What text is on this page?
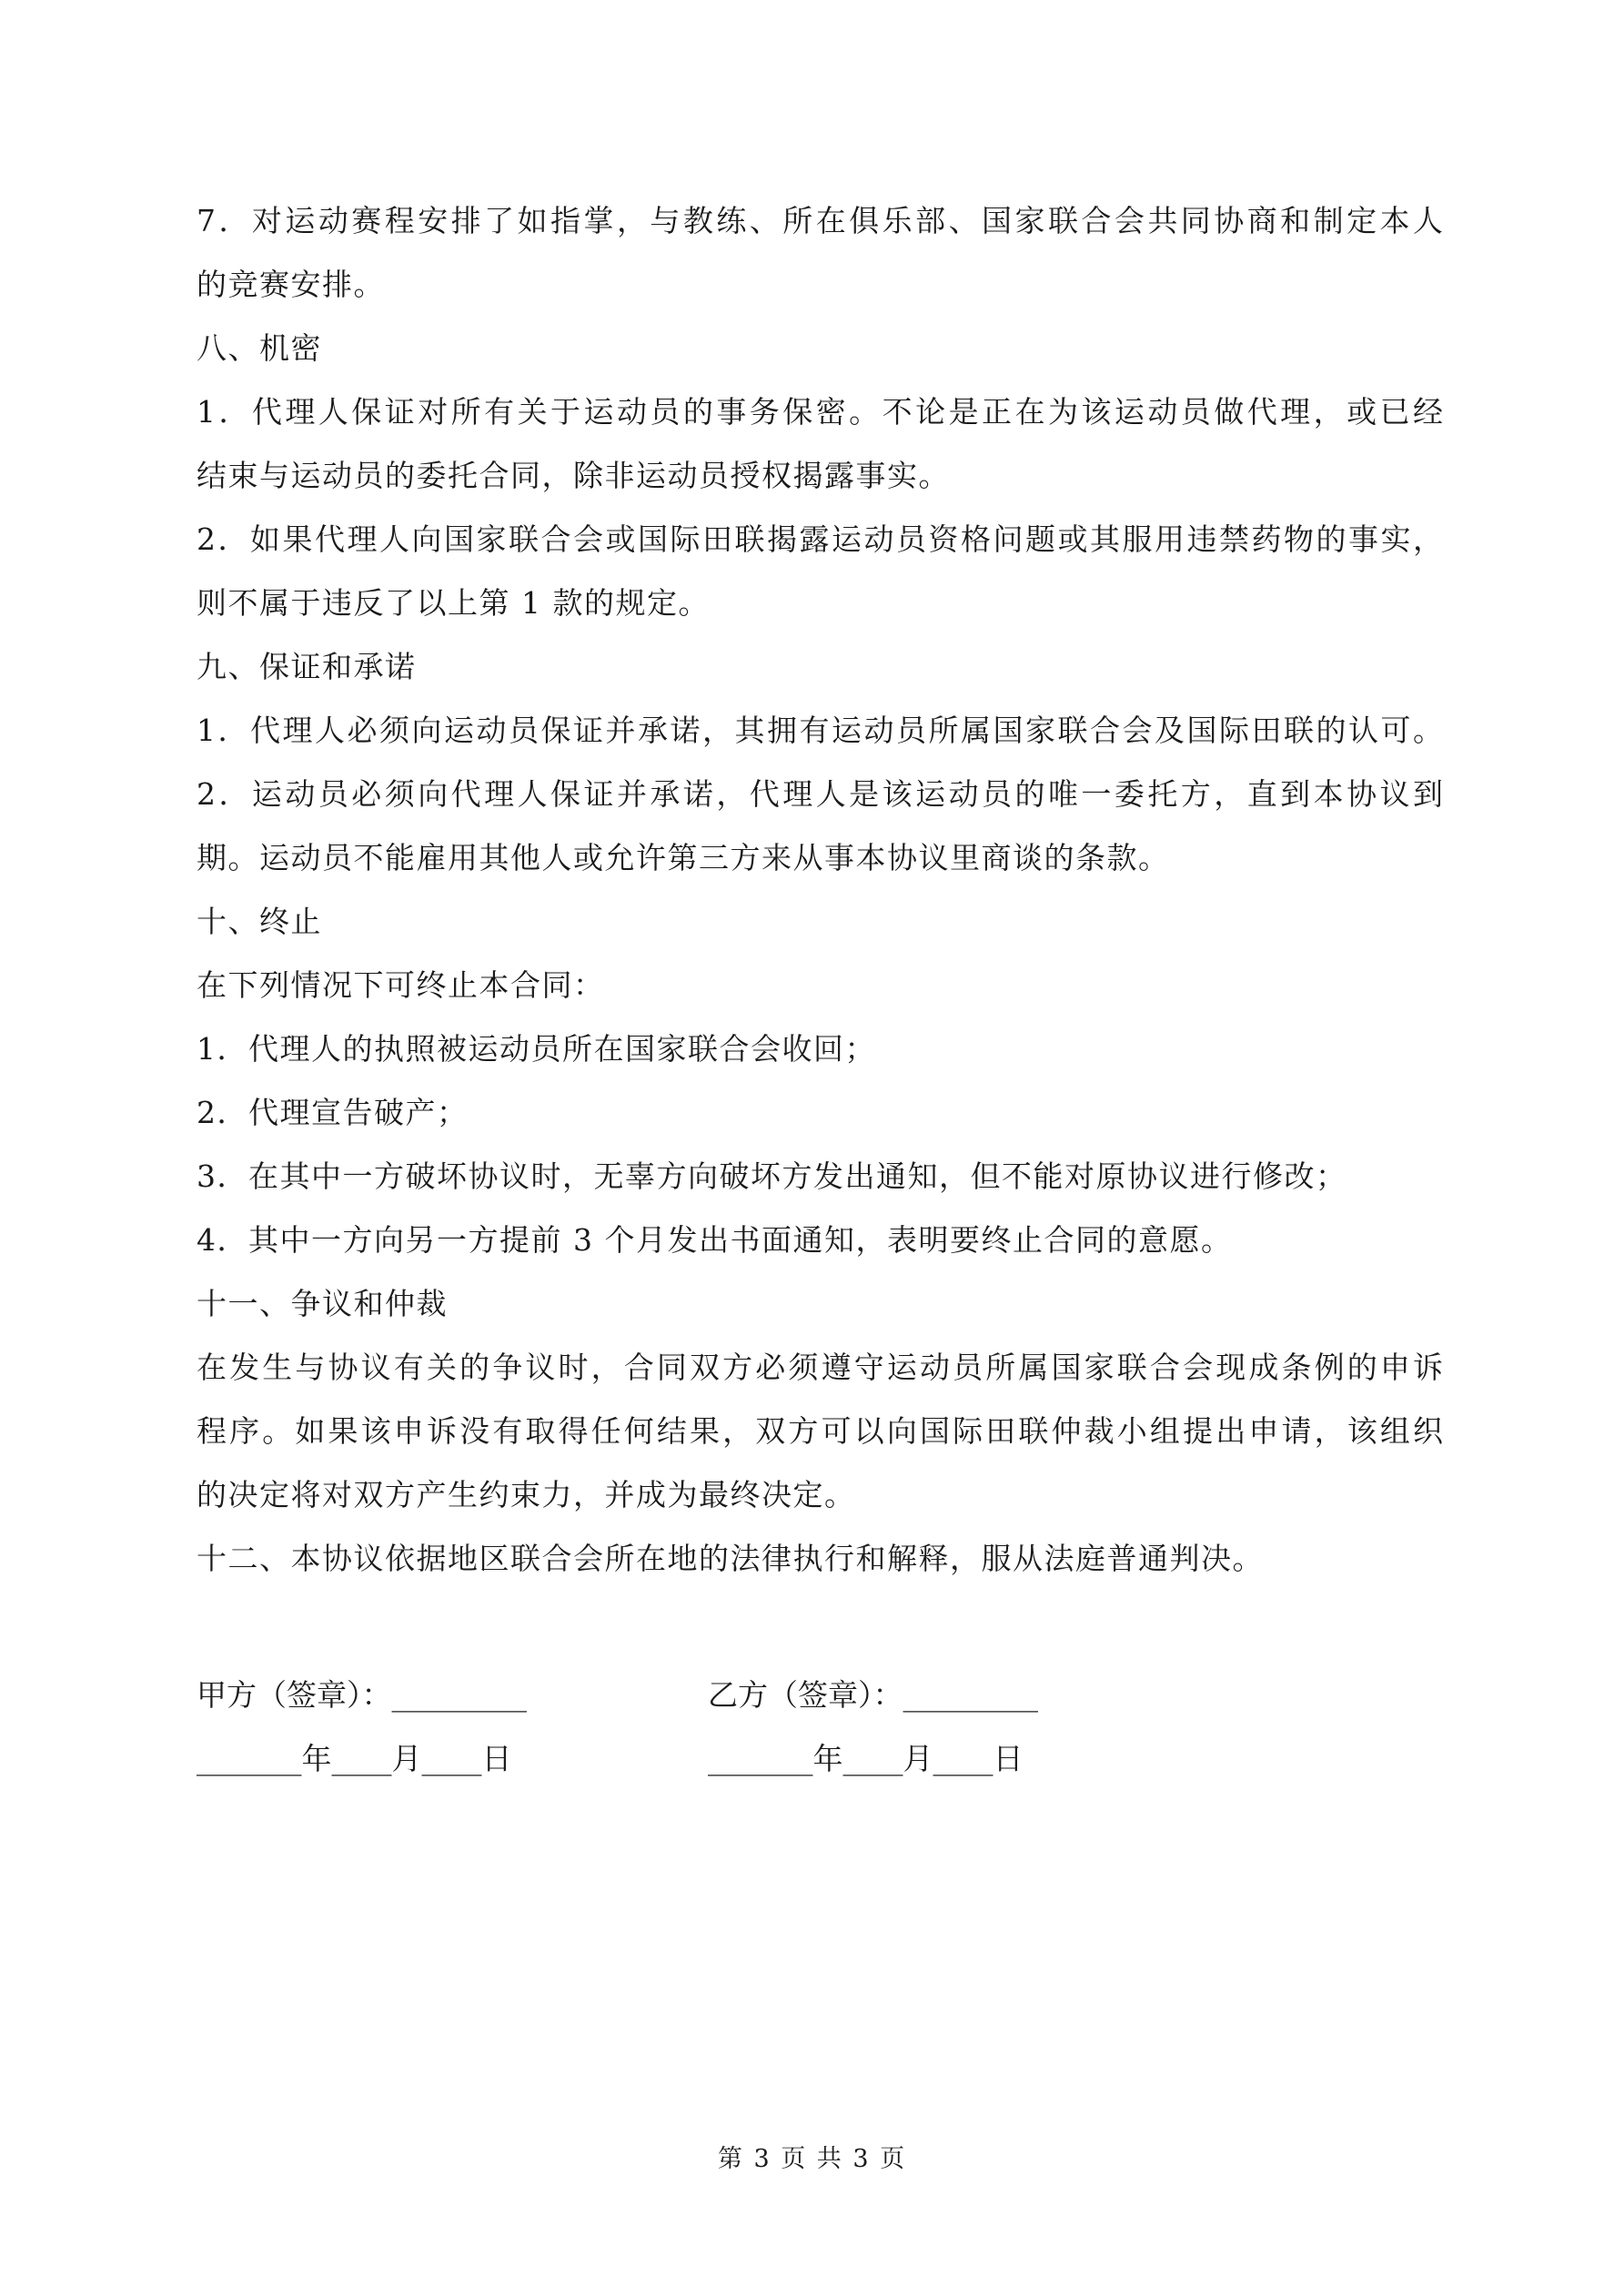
7．对运动赛程安排了如指掌，与教练、所在俱乐部、国家联合会共同协商和制定本人
的竞赛安排。
八、机密
1．代理人保证对所有关于运动员的事务保密。不论是正在为该运动员做代理，或已经
结束与运动员的委托合同，除非运动员授权揭露事实。
2．如果代理人向国家联合会或国际田联揭露运动员资格问题或其服用违禁药物的事实，
则不属于违反了以上第 1 款的规定。
九、保证和承诺
1．代理人必须向运动员保证并承诺，其拥有运动员所属国家联合会及国际田联的认可。
2．运动员必须向代理人保证并承诺，代理人是该运动员的唯一委托方，直到本协议到
期。运动员不能雇用其他人或允许第三方来从事本协议里商谈的条款。
十、终止
在下列情况下可终止本合同：
1．代理人的执照被运动员所在国家联合会收回；
2．代理宣告破产；
3．在其中一方破坏协议时，无辜方向破坏方发出通知，但不能对原协议进行修改；
4．其中一方向另一方提前 3 个月发出书面通知，表明要终止合同的意愿。
十一、争议和仲裁
在发生与协议有关的争议时，合同双方必须遵守运动员所属国家联合会现成条例的申诉
程序。如果该申诉没有取得任何结果，双方可以向国际田联仲裁小组提出申请，该组织
的决定将对双方产生约束力，并成为最终决定。
十二、本协议依据地区联合会所在地的法律执行和解释，服从法庭普通判决。
甲方（签章）：_________	乙方（签章）：_________
_______年____月____日	_______年____月____日
第 3 页 共 3 页
